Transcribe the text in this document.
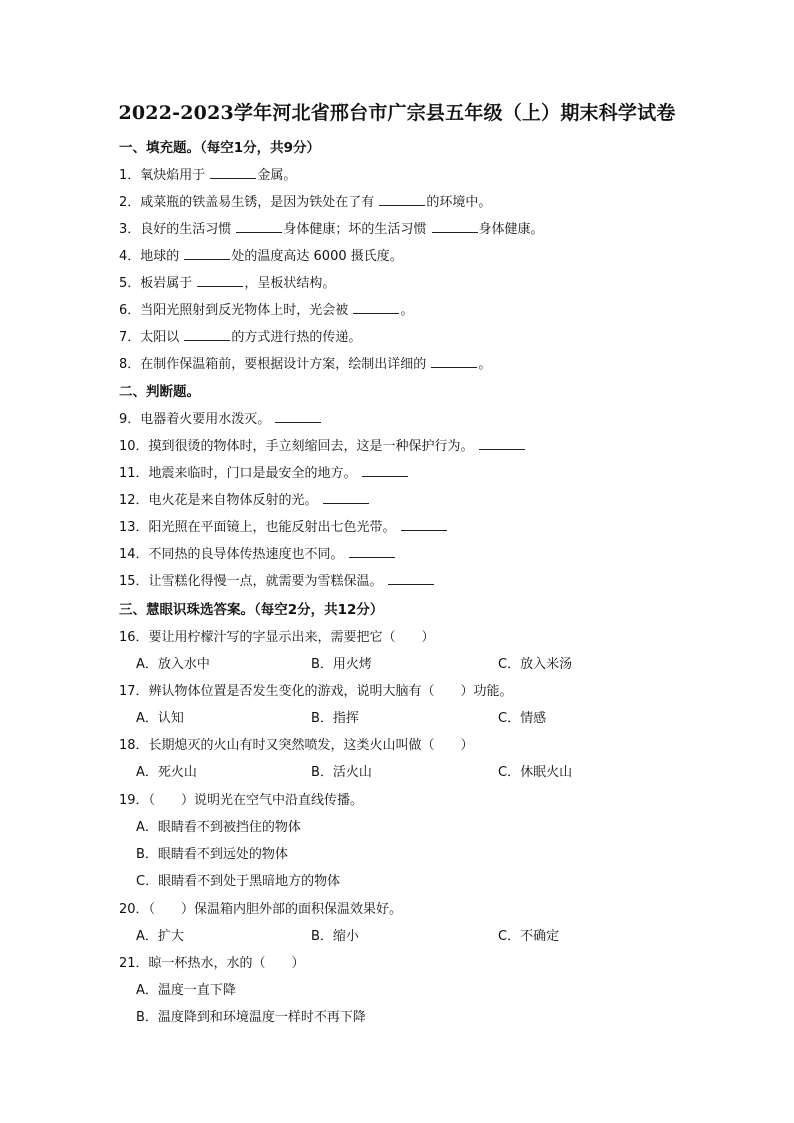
2022-2023学年河北省邢台市广宗县五年级（上）期末科学试卷
一、填充题。（每空1分，共9分）
1．氧炔焰用于	金属。
2．咸菜瓶的铁盖易生锈，是因为铁处在了有	的环境中。
3．良好的生活习惯	身体健康；坏的生活习惯	身体健康。
4．地球的	处的温度高达 6000 摄氏度。
5．板岩属于	，呈板状结构。
6．当阳光照射到反光物体上时，光会被	。
7．太阳以	的方式进行热的传递。
8．在制作保温箱前，要根据设计方案，绘制出详细的	。
二、判断题。
9．电器着火要用水泼灭。
10．摸到很烫的物体时，手立刻缩回去，这是一种保护行为。
11．地震来临时，门口是最安全的地方。
12．电火花是来自物体反射的光。
13．阳光照在平面镜上，也能反射出七色光带。
14．不同热的良导体传热速度也不同。
15．让雪糕化得慢一点，就需要为雪糕保温。
三、慧眼识珠选答案。（每空2分，共12分）
16．要让用柠檬汁写的字显示出来，需要把它（　　）
A．放入水中	B．用火烤	C．放入米汤
17．辨认物体位置是否发生变化的游戏，说明大脑有（　　）功能。
A．认知	B．指挥	C．情感
18．长期熄灭的火山有时又突然喷发，这类火山叫做（　　）
A．死火山	B．活火山	C．休眠火山
19．（　　）说明光在空气中沿直线传播。
A．眼睛看不到被挡住的物体
B．眼睛看不到远处的物体
C．眼睛看不到处于黑暗地方的物体
20．（　　）保温箱内胆外部的面积保温效果好。
A．扩大	B．缩小	C．不确定
21．晾一杯热水，水的（　　）
A．温度一直下降
B．温度降到和环境温度一样时不再下降
